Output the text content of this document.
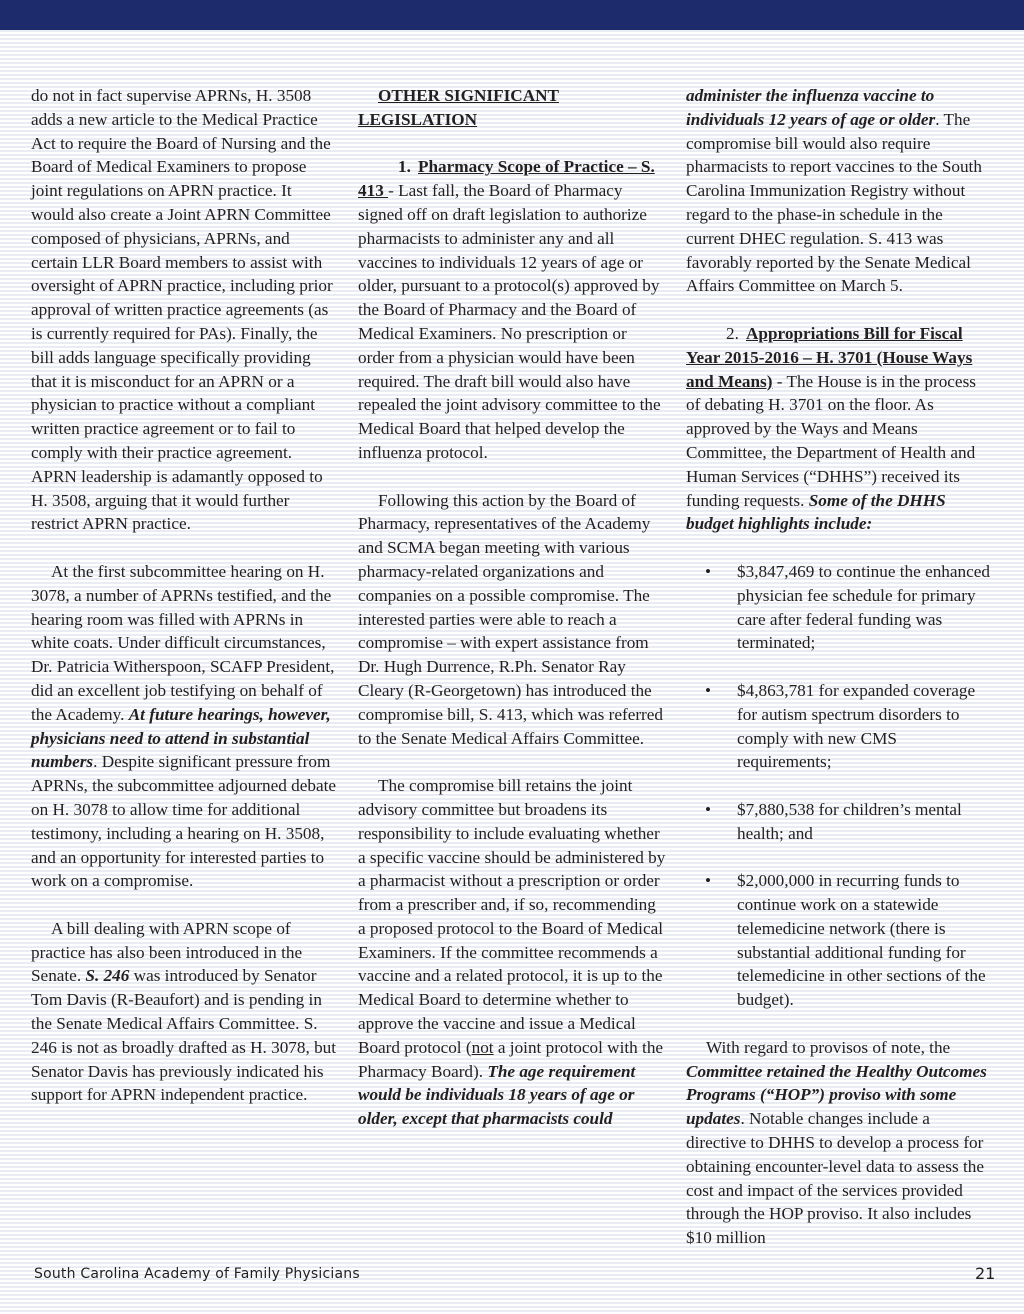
do not in fact supervise APRNs, H. 3508 adds a new article to the Medical Practice Act to require the Board of Nursing and the Board of Medical Examiners to propose joint regulations on APRN practice. It would also create a Joint APRN Committee composed of physicians, APRNs, and certain LLR Board members to assist with oversight of APRN practice, including prior approval of written practice agreements (as is currently required for PAs). Finally, the bill adds language specifically providing that it is misconduct for an APRN or a physician to practice without a compliant written practice agreement or to fail to comply with their practice agreement. APRN leadership is adamantly opposed to H. 3508, arguing that it would further restrict APRN practice.

At the first subcommittee hearing on H. 3078, a number of APRNs testified, and the hearing room was filled with APRNs in white coats. Under difficult circumstances, Dr. Patricia Witherspoon, SCAFP President, did an excellent job testifying on behalf of the Academy. At future hearings, however, physicians need to attend in substantial numbers. Despite significant pressure from APRNs, the subcommittee adjourned debate on H. 3078 to allow time for additional testimony, including a hearing on H. 3508, and an opportunity for interested parties to work on a compromise.

A bill dealing with APRN scope of practice has also been introduced in the Senate. S. 246 was introduced by Senator Tom Davis (R-Beaufort) and is pending in the Senate Medical Affairs Committee. S. 246 is not as broadly drafted as H. 3078, but Senator Davis has previously indicated his support for APRN independent practice.

OTHER SIGNIFICANT LEGISLATION

1. Pharmacy Scope of Practice – S. 413 - Last fall, the Board of Pharmacy signed off on draft legislation to authorize pharmacists to administer any and all vaccines to individuals 12 years of age or older, pursuant to a protocol(s) approved by the Board of Pharmacy and the Board of Medical Examiners. No prescription or order from a physician would have been required. The draft bill would also have repealed the joint advisory committee to the Medical Board that helped develop the influenza protocol.

Following this action by the Board of Pharmacy, representatives of the Academy and SCMA began meeting with various pharmacy-related organizations and companies on a possible compromise. The interested parties were able to reach a compromise – with expert assistance from Dr. Hugh Durrence, R.Ph. Senator Ray Cleary (R-Georgetown) has introduced the compromise bill, S. 413, which was referred to the Senate Medical Affairs Committee.

The compromise bill retains the joint advisory committee but broadens its responsibility to include evaluating whether a specific vaccine should be administered by a pharmacist without a prescription or order from a prescriber and, if so, recommending a proposed protocol to the Board of Medical Examiners. If the committee recommends a vaccine and a related protocol, it is up to the Medical Board to determine whether to approve the vaccine and issue a Medical Board protocol (not a joint protocol with the Pharmacy Board). The age requirement would be individuals 18 years of age or older, except that pharmacists could

administer the influenza vaccine to individuals 12 years of age or older. The compromise bill would also require pharmacists to report vaccines to the South Carolina Immunization Registry without regard to the phase-in schedule in the current DHEC regulation. S. 413 was favorably reported by the Senate Medical Affairs Committee on March 5.

2. Appropriations Bill for Fiscal Year 2015-2016 – H. 3701 (House Ways and Means) - The House is in the process of debating H. 3701 on the floor. As approved by the Ways and Means Committee, the Department of Health and Human Services (“DHHS”) received its funding requests. Some of the DHHS budget highlights include:

• $3,847,469 to continue the enhanced physician fee schedule for primary care after federal funding was terminated;
• $4,863,781 for expanded coverage for autism spectrum disorders to comply with new CMS requirements;
• $7,880,538 for children’s mental health; and
• $2,000,000 in recurring funds to continue work on a statewide telemedicine network (there is substantial additional funding for telemedicine in other sections of the budget).

With regard to provisos of note, the Committee retained the Healthy Outcomes Programs (“HOP”) proviso with some updates. Notable changes include a directive to DHHS to develop a process for obtaining encounter-level data to assess the cost and impact of the services provided through the HOP proviso. It also includes $10 million

South Carolina Academy of Family Physicians	21
